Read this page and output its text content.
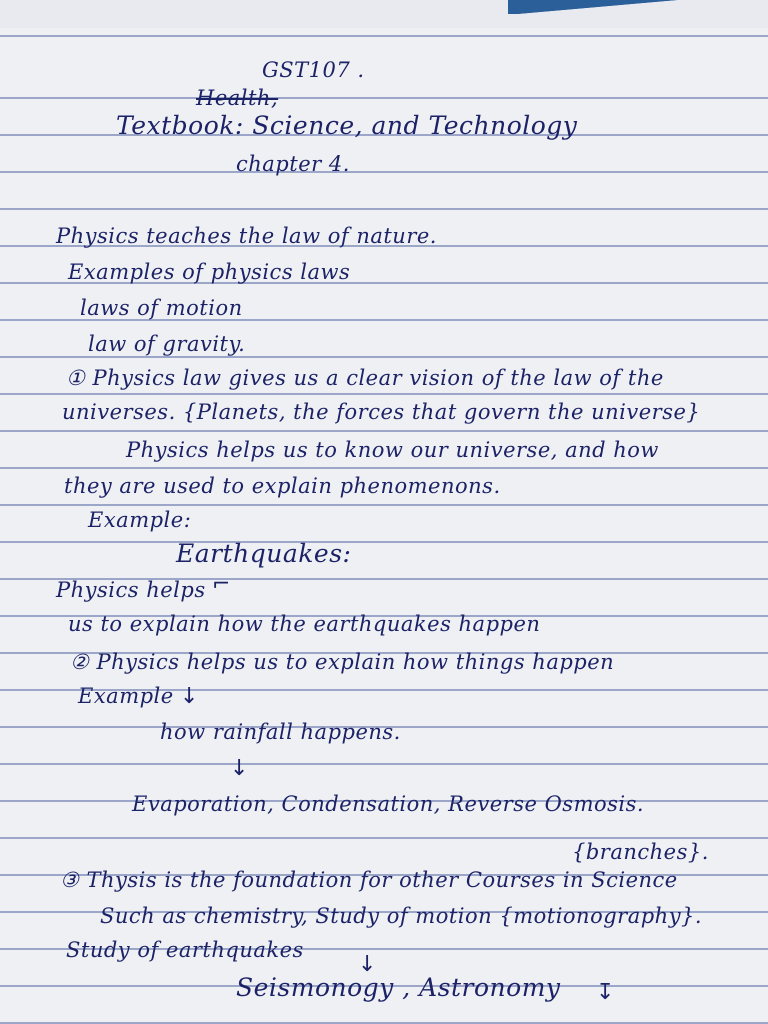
GST107 .
Health,
Textbook: Science, and Technology
chapter 4.
Physics teaches the law of nature.
Examples of physics laws
laws of motion
law of gravity.
① Physics law gives us a clear vision of the law of the
universes. {Planets, the forces that govern the universe}
Physics helps us to know our universe, and how
they are used to explain phenomenons.
Example:
Earthquakes:
Physics helps ⌐
us to explain how the earthquakes happen
② Physics helps us to explain how things happen
Example ↓
how rainfall happens.
↓
Evaporation, Condensation, Reverse Osmosis.
{branches}.
③ Thysis is the foundation for other Courses in Science
Such as chemistry, Study of motion {motionography}.
Study of earthquakes
↓
Seismonogy , Astronomy ↧
